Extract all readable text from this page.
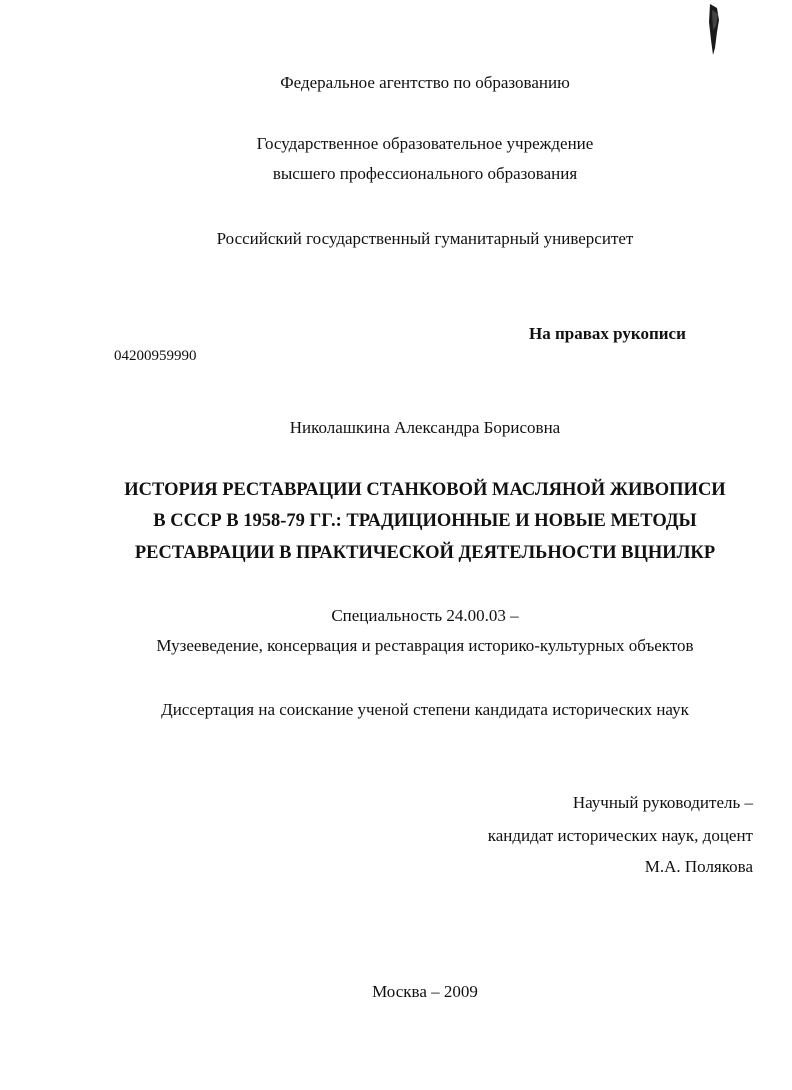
Федеральное агентство по образованию
Государственное образовательное учреждение
высшего профессионального образования
Российский государственный гуманитарный университет
На правах рукописи
04200959990
Николашкина Александра Борисовна
ИСТОРИЯ РЕСТАВРАЦИИ СТАНКОВОЙ МАСЛЯНОЙ ЖИВОПИСИ
В СССР В 1958-79 ГГ.: ТРАДИЦИОННЫЕ И НОВЫЕ МЕТОДЫ
РЕСТАВРАЦИИ В ПРАКТИЧЕСКОЙ ДЕЯТЕЛЬНОСТИ ВЦНИЛКР
Специальность 24.00.03 –
Музееведение, консервация и реставрация историко-культурных объектов
Диссертация на соискание ученой степени кандидата исторических наук
Научный руководитель –
кандидат исторических наук, доцент
М.А. Полякова
Москва – 2009
